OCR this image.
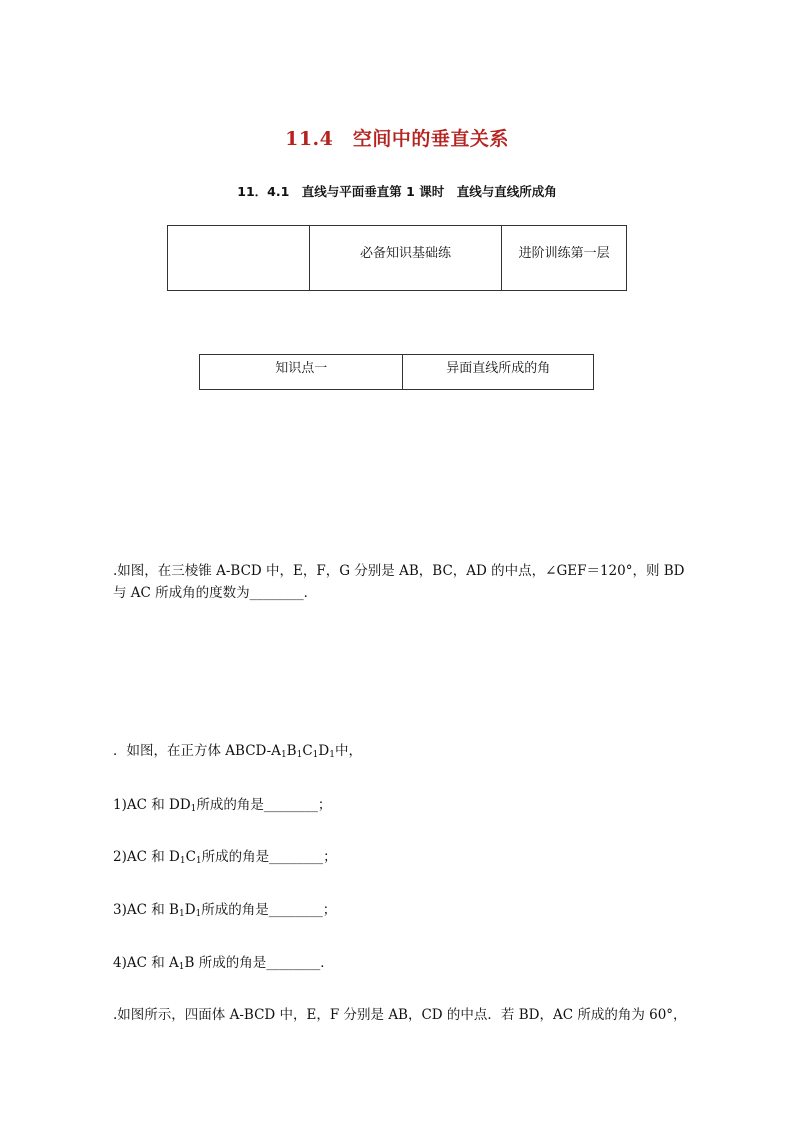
11.4　空间中的垂直关系
11．4.1　直线与平面垂直第 1 课时　直线与直线所成角
	必备知识基础练	进阶训练第一层
知识点一	异面直线所成的角
.如图，在三棱锥 A-BCD 中，E，F，G 分别是 AB，BC，AD 的中点，∠GEF＝120°，则 BD
与 AC 所成角的度数为________．
．如图，在正方体 ABCD-$A_1B_1C_1D_1$中，
1)AC 和 $DD_1$所成的角是________；
2)AC 和 $D_1C_1$所成的角是________；
3)AC 和 $B_1D_1$所成的角是________；
4)AC 和 $A_1B$ 所成的角是________．
.如图所示，四面体 A-BCD 中，E，F 分别是 AB，CD 的中点．若 BD，AC 所成的角为 60°，
